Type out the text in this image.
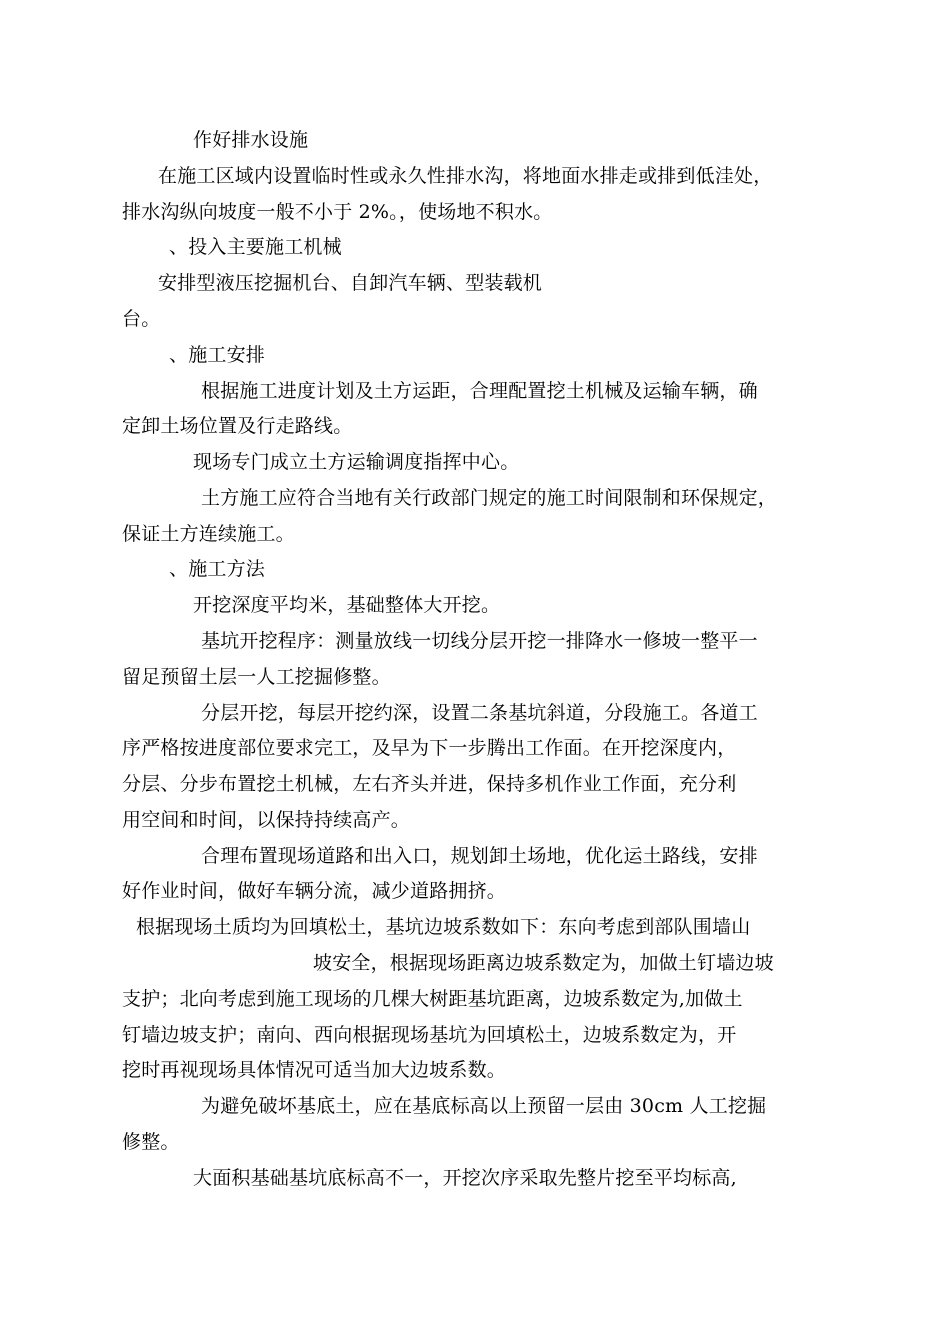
作好排水设施
在施工区域内设置临时性或永久性排水沟，将地面水排走或排到低洼处，
排水沟纵向坡度一般不小于 2%。，使场地不积水。
、投入主要施工机械
安排型液压挖掘机台、自卸汽车辆、型装载机
台。
、施工安排
根据施工进度计划及土方运距，合理配置挖土机械及运输车辆，确
定卸土场位置及行走路线。
现场专门成立土方运输调度指挥中心。
土方施工应符合当地有关行政部门规定的施工时间限制和环保规定，
保证土方连续施工。
、施工方法
开挖深度平均米，基础整体大开挖。
基坑开挖程序：测量放线一切线分层开挖一排降水一修坡一整平一
留足预留土层一人工挖掘修整。
分层开挖，每层开挖约深，设置二条基坑斜道，分段施工。各道工
序严格按进度部位要求完工，及早为下一步腾出工作面。在开挖深度内，
分层、分步布置挖土机械，左右齐头并进，保持多机作业工作面，充分利
用空间和时间，以保持持续高产。
合理布置现场道路和出入口，规划卸土场地，优化运土路线，安排
好作业时间，做好车辆分流，减少道路拥挤。
根据现场土质均为回填松土，基坑边坡系数如下：东向考虑到部队围墙山
坡安全，根据现场距离边坡系数定为，加做土钉墙边坡
支护；北向考虑到施工现场的几棵大树距基坑距离，边坡系数定为,加做土
钉墙边坡支护；南向、西向根据现场基坑为回填松土，边坡系数定为，开
挖时再视现场具体情况可适当加大边坡系数。
为避免破坏基底土，应在基底标高以上预留一层由 30cm 人工挖掘
修整。
大面积基础基坑底标高不一，开挖次序采取先整片挖至平均标高,
